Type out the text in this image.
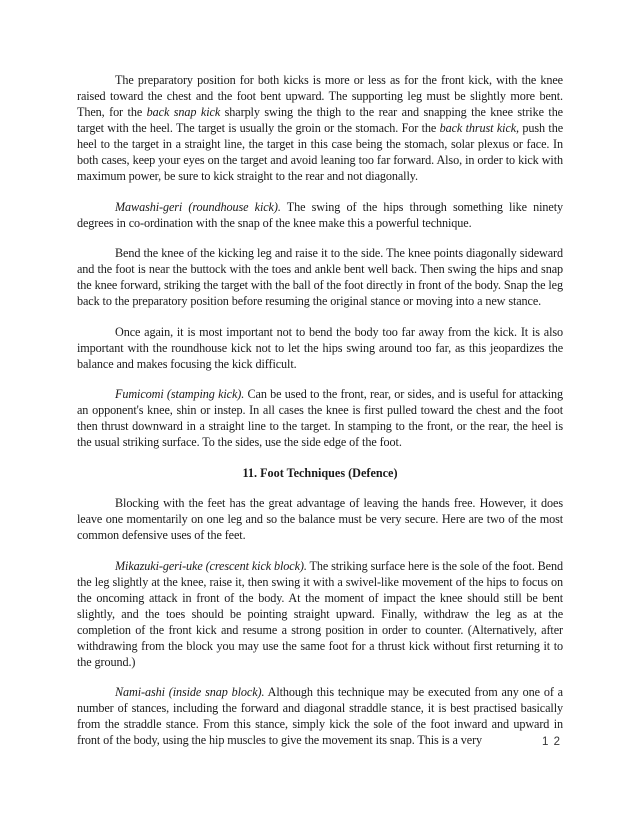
The preparatory position for both kicks is more or less as for the front kick, with the knee raised toward the chest and the foot bent upward. The supporting leg must be slightly more bent. Then, for the back snap kick sharply swing the thigh to the rear and snapping the knee strike the target with the heel. The target is usually the groin or the stomach. For the back thrust kick, push the heel to the target in a straight line, the target in this case being the stomach, solar plexus or face. In both cases, keep your eyes on the target and avoid leaning too far forward. Also, in order to kick with maximum power, be sure to kick straight to the rear and not diagonally.

Mawashi-geri (roundhouse kick). The swing of the hips through something like ninety degrees in co-ordination with the snap of the knee make this a powerful technique.

Bend the knee of the kicking leg and raise it to the side. The knee points diagonally sideward and the foot is near the buttock with the toes and ankle bent well back. Then swing the hips and snap the knee forward, striking the target with the ball of the foot directly in front of the body. Snap the leg back to the preparatory position before resuming the original stance or moving into a new stance.

Once again, it is most important not to bend the body too far away from the kick. It is also important with the roundhouse kick not to let the hips swing around too far, as this jeopardizes the balance and makes focusing the kick difficult.

Fumicomi (stamping kick). Can be used to the front, rear, or sides, and is useful for attacking an opponent's knee, shin or instep. In all cases the knee is first pulled toward the chest and the foot then thrust downward in a straight line to the target. In stamping to the front, or the rear, the heel is the usual striking surface. To the sides, use the side edge of the foot.

11. Foot Techniques (Defence)

Blocking with the feet has the great advantage of leaving the hands free. However, it does leave one momentarily on one leg and so the balance must be very secure. Here are two of the most common defensive uses of the feet.

Mikazuki-geri-uke (crescent kick block). The striking surface here is the sole of the foot. Bend the leg slightly at the knee, raise it, then swing it with a swivel-like movement of the hips to focus on the oncoming attack in front of the body. At the moment of impact the knee should still be bent slightly, and the toes should be pointing straight upward. Finally, withdraw the leg as at the completion of the front kick and resume a strong position in order to counter. (Alternatively, after withdrawing from the block you may use the same foot for a thrust kick without first returning it to the ground.)

Nami-ashi (inside snap block). Although this technique may be executed from any one of a number of stances, including the forward and diagonal straddle stance, it is best practised basically from the straddle stance. From this stance, simply kick the sole of the foot inward and upward in front of the body, using the hip muscles to give the movement its snap. This is a very	1 2
